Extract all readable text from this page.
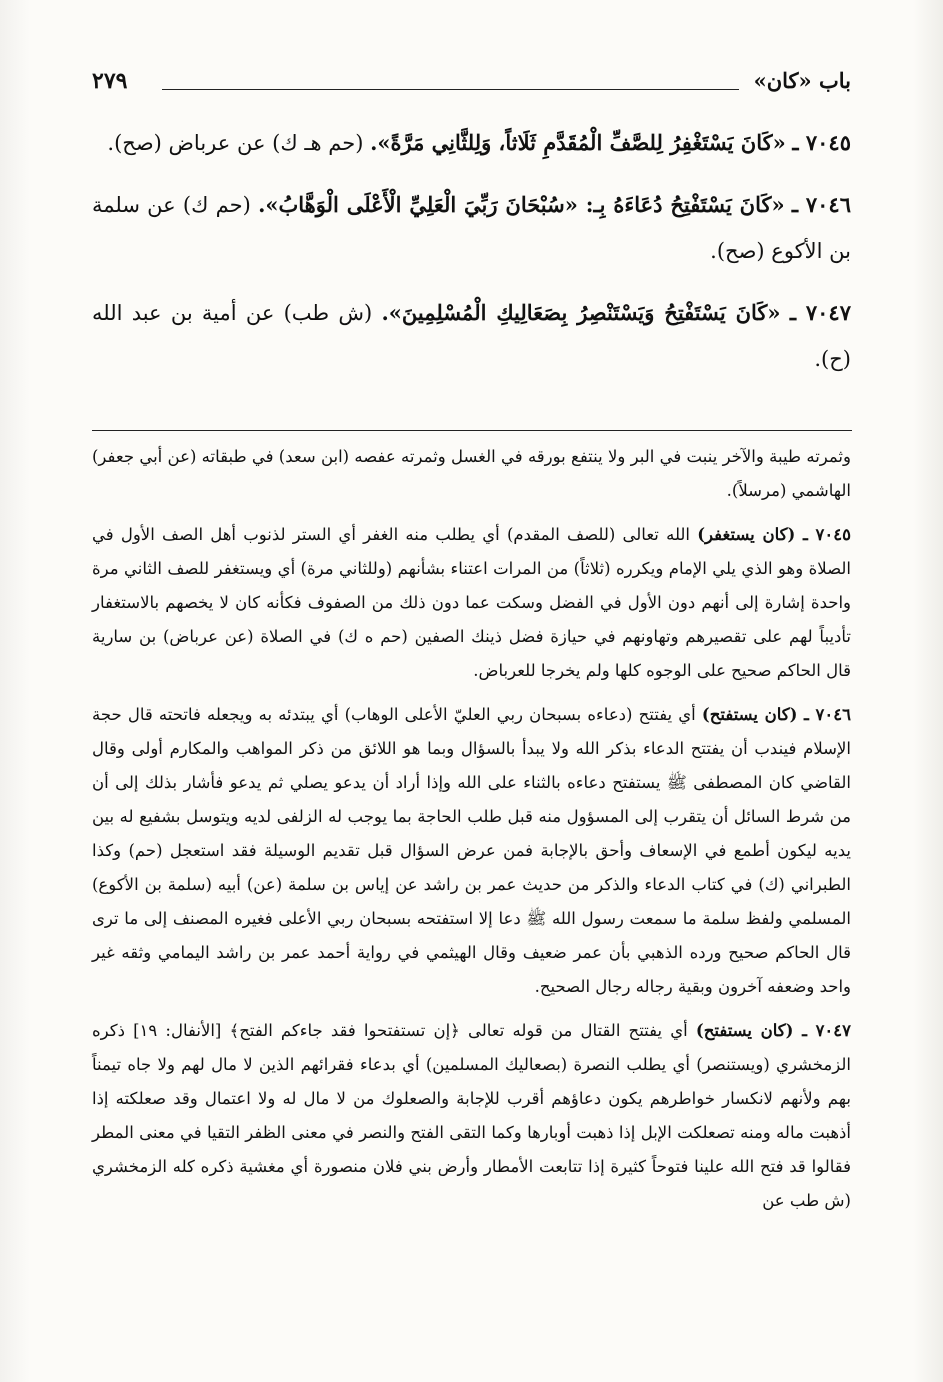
باب «كان»
٢٧٩

٧٠٤٥ ـ «كَانَ يَسْتَغْفِرُ لِلصَّفِّ الْمُقَدَّمِ ثَلَاثاً، وَلِلثَّانِي مَرَّةً». (حم هـ ك) عن عرباض (صح).

٧٠٤٦ ـ «كَانَ يَسْتَفْتِحُ دُعَاءَهُ بِـ: «سُبْحَانَ رَبِّيَ الْعَلِيِّ الْأَعْلَى الْوَهَّابُ». (حم ك) عن سلمة بن الأكوع (صح).

٧٠٤٧ ـ «كَانَ يَسْتَفْتِحُ وَيَسْتَنْصِرُ بِصَعَالِيكِ الْمُسْلِمِينَ». (ش طب) عن أمية بن عبد الله (ح).

وثمرته طيبة والآخر ينبت في البر ولا ينتفع بورقه في الغسل وثمرته عفصه (ابن سعد) في طبقاته (عن أبي جعفر) الهاشمي (مرسلاً).

٧٠٤٥ ـ (كان يستغفر) الله تعالى (للصف المقدم) أي يطلب منه الغفر أي الستر لذنوب أهل الصف الأول في الصلاة وهو الذي يلي الإمام ويكرره (ثلاثاً) من المرات اعتناء بشأنهم (وللثاني مرة) أي ويستغفر للصف الثاني مرة واحدة إشارة إلى أنهم دون الأول في الفضل وسكت عما دون ذلك من الصفوف فكأنه كان لا يخصهم بالاستغفار تأديباً لهم على تقصيرهم وتهاونهم في حيازة فضل ذينك الصفين (حم ه ك) في الصلاة (عن عرباض) بن سارية قال الحاكم صحيح على الوجوه كلها ولم يخرجا للعرباض.

٧٠٤٦ ـ (كان يستفتح) أي يفتتح (دعاءه بسبحان ربي العليّ الأعلى الوهاب) أي يبتدئه به ويجعله فاتحته قال حجة الإسلام فيندب أن يفتتح الدعاء بذكر الله ولا يبدأ بالسؤال وبما هو اللائق من ذكر المواهب والمكارم أولى وقال القاضي كان المصطفى ﷺ يستفتح دعاءه بالثناء على الله وإذا أراد أن يدعو يصلي ثم يدعو فأشار بذلك إلى أن من شرط السائل أن يتقرب إلى المسؤول منه قبل طلب الحاجة بما يوجب له الزلفى لديه ويتوسل بشفيع له بين يديه ليكون أطمع في الإسعاف وأحق بالإجابة فمن عرض السؤال قبل تقديم الوسيلة فقد استعجل (حم) وكذا الطبراني (ك) في كتاب الدعاء والذكر من حديث عمر بن راشد عن إياس بن سلمة (عن) أبيه (سلمة بن الأكوع) المسلمي ولفظ سلمة ما سمعت رسول الله ﷺ دعا إلا استفتحه بسبحان ربي الأعلى فغيره المصنف إلى ما ترى قال الحاكم صحيح ورده الذهبي بأن عمر ضعيف وقال الهيثمي في رواية أحمد عمر بن راشد اليمامي وثقه غير واحد وضعفه آخرون وبقية رجاله رجال الصحيح.

٧٠٤٧ ـ (كان يستفتح) أي يفتتح القتال من قوله تعالى ﴿إن تستفتحوا فقد جاءكم الفتح﴾ [الأنفال: ١٩] ذكره الزمخشري (ويستنصر) أي يطلب النصرة (بصعاليك المسلمين) أي بدعاء فقرائهم الذين لا مال لهم ولا جاه تيمناً بهم ولأنهم لانكسار خواطرهم يكون دعاؤهم أقرب للإجابة والصعلوك من لا مال له ولا اعتمال وقد صعلكته إذا أذهبت ماله ومنه تصعلكت الإبل إذا ذهبت أوبارها وكما التقى الفتح والنصر في معنى الظفر التقيا في معنى المطر فقالوا قد فتح الله علينا فتوحاً كثيرة إذا تتابعت الأمطار وأرض بني فلان منصورة أي مغشية ذكره كله الزمخشري (ش طب عن
